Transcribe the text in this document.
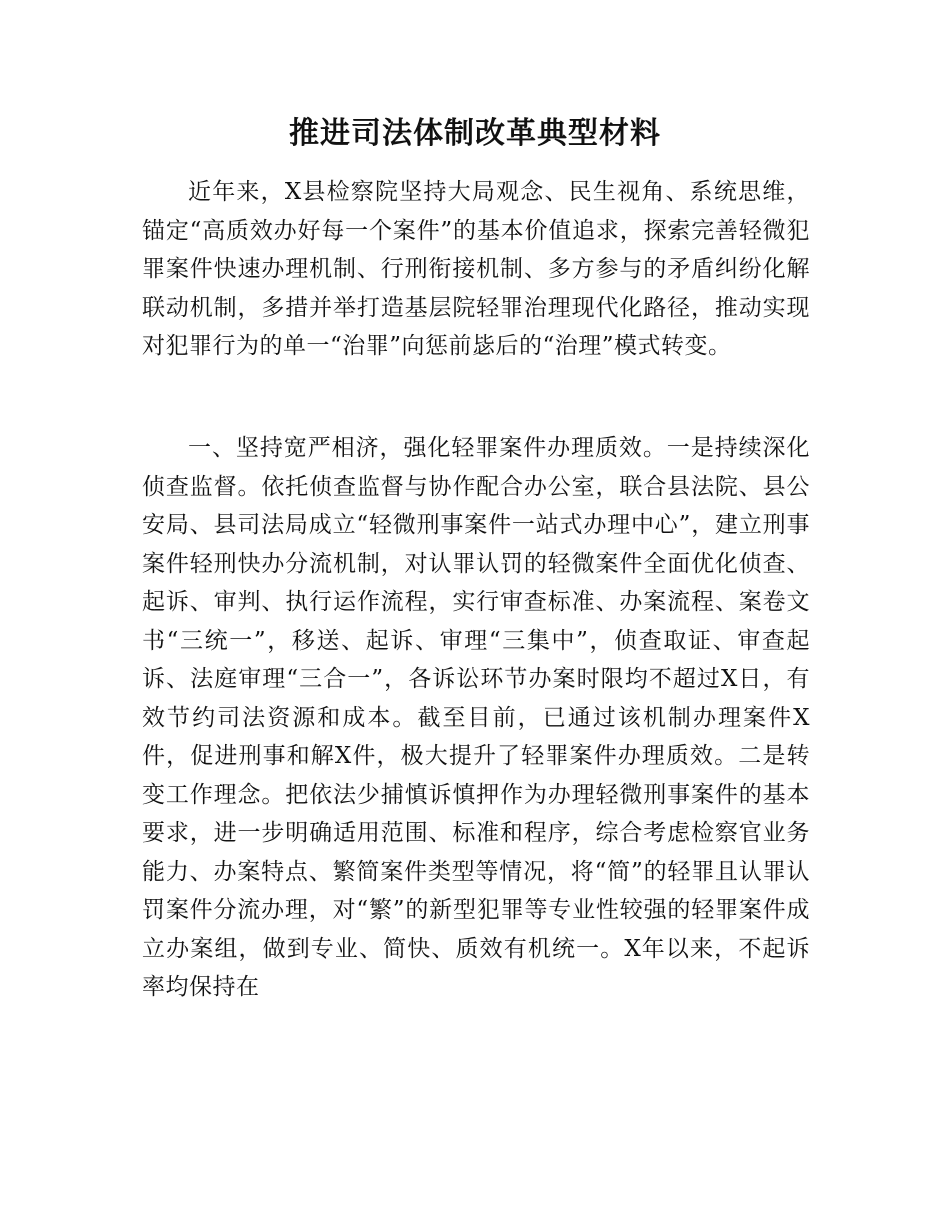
推进司法体制改革典型材料

近年来，X县检察院坚持大局观念、民生视角、系统思维，锚定“高质效办好每一个案件”的基本价值追求，探索完善轻微犯罪案件快速办理机制、行刑衔接机制、多方参与的矛盾纠纷化解联动机制，多措并举打造基层院轻罪治理现代化路径，推动实现对犯罪行为的单一“治罪”向惩前毖后的“治理”模式转变。

一、坚持宽严相济，强化轻罪案件办理质效。一是持续深化侦查监督。依托侦查监督与协作配合办公室，联合县法院、县公安局、县司法局成立“轻微刑事案件一站式办理中心”，建立刑事案件轻刑快办分流机制，对认罪认罚的轻微案件全面优化侦查、起诉、审判、执行运作流程，实行审查标准、办案流程、案卷文书“三统一”，移送、起诉、审理“三集中”，侦查取证、审查起诉、法庭审理“三合一”，各诉讼环节办案时限均不超过X日，有效节约司法资源和成本。截至目前，已通过该机制办理案件X件，促进刑事和解X件，极大提升了轻罪案件办理质效。二是转变工作理念。把依法少捕慎诉慎押作为办理轻微刑事案件的基本要求，进一步明确适用范围、标准和程序，综合考虑检察官业务能力、办案特点、繁简案件类型等情况，将“简”的轻罪且认罪认罚案件分流办理，对“繁”的新型犯罪等专业性较强的轻罪案件成立办案组，做到专业、简快、质效有机统一。X年以来，不起诉率均保持在
